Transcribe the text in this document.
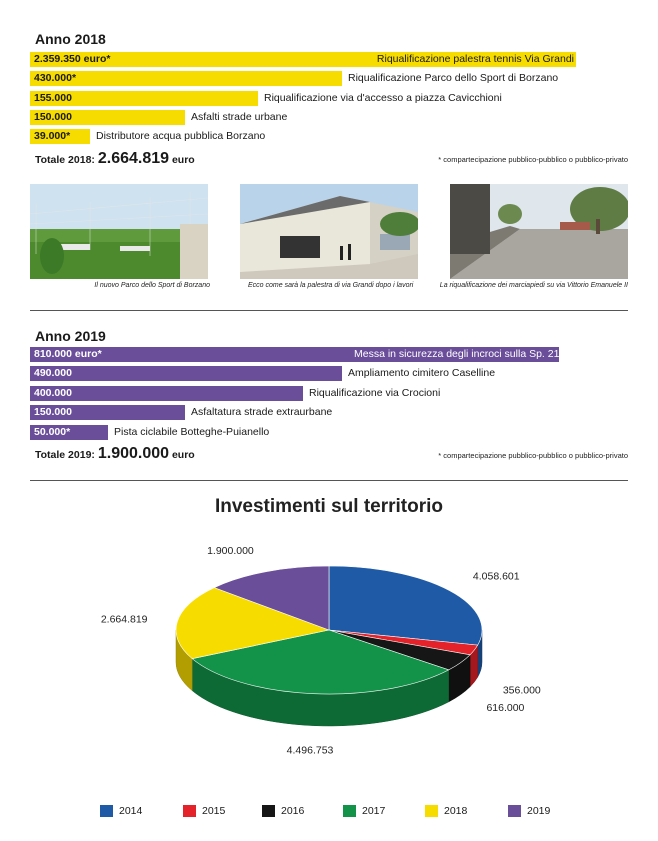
Anno 2018
2.359.350 euro*	Riqualificazione palestra tennis Via Grandi
430.000*	Riqualificazione Parco dello Sport di Borzano
155.000	Riqualificazione via d'accesso a piazza Cavicchioni
150.000	Asfalti strade urbane
39.000* Distributore acqua pubblica Borzano
Totale 2018: 2.664.819 euro	* compartecipazione pubblico-pubblico o pubblico-privato
Il nuovo Parco dello Sport di Borzano	Ecco come sarà la palestra di via Grandi dopo i lavori	La riqualificazione dei marciapiedi su via Vittorio Emanuele II
Anno 2019
810.000 euro*	Messa in sicurezza degli incroci sulla Sp. 21
490.000	Ampliamento cimitero Caselline
400.000	Riqualificazione via Crocioni
150.000	Asfaltatura strade extraurbane
50.000*	Pista ciclabile Botteghe-Puianello
Totale 2019: 1.900.000 euro	* compartecipazione pubblico-pubblico o pubblico-privato
Investimenti sul territorio
4.058.601
356.000
616.000
4.496.753
2.664.819
1.900.000
2014	2015	2016	2017	2018	2019
